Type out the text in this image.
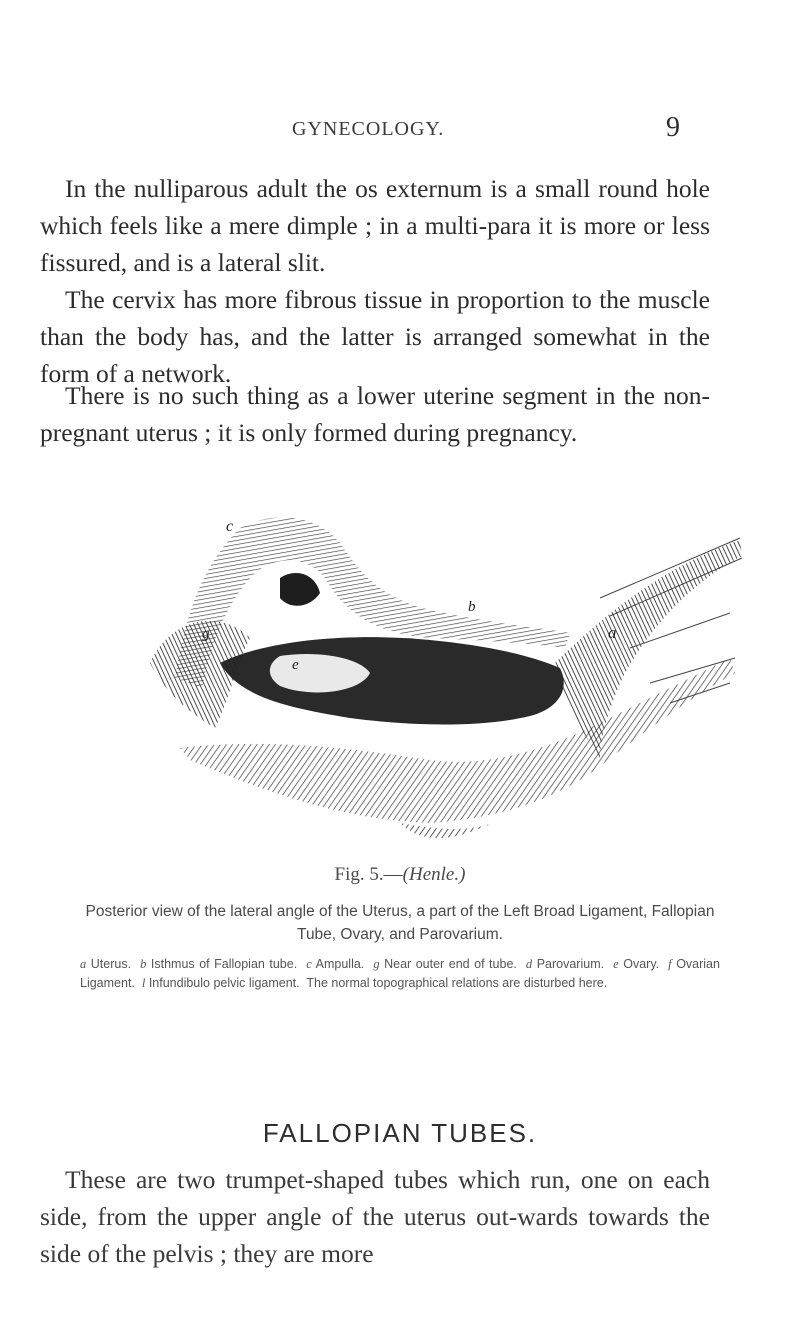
GYNECOLOGY.	9

In the nulliparous adult the os externum is a small round hole which feels like a mere dimple ; in a multi-para it is more or less fissured, and is a lateral slit.

The cervix has more fibrous tissue in proportion to the muscle than the body has, and the latter is arranged somewhat in the form of a network.

There is no such thing as a lower uterine segment in the non-pregnant uterus ; it is only formed during pregnancy.

c
b
a
g
e
Fig. 5.—(Henle.)
Posterior view of the lateral angle of the Uterus, a part of the Left Broad Ligament, Fallopian Tube, Ovary, and Parovarium.
a Uterus. b Isthmus of Fallopian tube. c Ampulla. g Near outer end of tube. d Parovarium. e Ovary. f Ovarian Ligament. l Infundibulo pelvic ligament. The normal topographical relations are disturbed here.
FALLOPIAN TUBES.

These are two trumpet-shaped tubes which run, one on each side, from the upper angle of the uterus out-wards towards the side of the pelvis ; they are more
